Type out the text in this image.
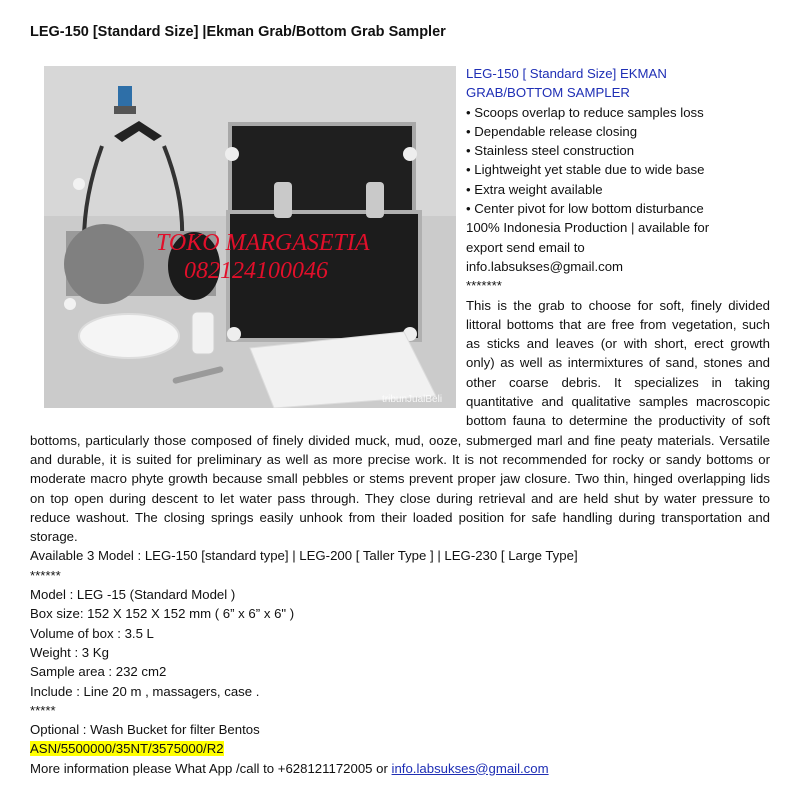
LEG-150 [Standard Size] |Ekman Grab/Bottom Grab Sampler
TOKO MARGASETIA
082124100046
tribunJualBeli

LEG-150 [ Standard Size] EKMAN

GRAB/BOTTOM SAMPLER

• Scoops overlap to reduce samples loss

• Dependable release closing

• Stainless steel construction

• Lightweight yet stable due to wide base

• Extra weight available

• Center pivot for low bottom disturbance

100% Indonesia Production | available for

export send email to

info.labsukses@gmail.com

*******

This is the grab to choose for soft, finely divided littoral bottoms that are free from vegetation, such as sticks and leaves (or with short, erect growth only) as well as intermixtures of sand, stones and other coarse debris. It specializes in taking quantitative and qualitative samples macroscopic bottom fauna to determine the productivity of soft bottoms, particularly those composed of finely divided muck, mud, ooze, submerged marl and fine peaty materials. Versatile and durable, it is suited for preliminary as well as more precise work. It is not recommended for rocky or sandy bottoms or moderate macro phyte growth because small pebbles or stems prevent proper jaw closure. Two thin, hinged overlapping lids on top open during descent to let water pass through. They close during retrieval and are held shut by water pressure to reduce washout. The closing springs easily unhook from their loaded position for safe handling during transportation and storage.

Available 3 Model : LEG-150 [standard type] | LEG-200 [ Taller Type ] | LEG-230 [ Large Type]

******

Model : LEG -15 (Standard Model )

Box size: 152 X 152 X 152 mm ( 6” x 6” x 6" )

Volume of box : 3.5 L

Weight : 3 Kg

Sample area : 232 cm2

Include : Line 20 m , massagers, case .

*****

Optional : Wash Bucket for filter Bentos

ASN/5500000/35NT/3575000/R2

More information please What App /call to +628121172005 or info.labsukses@gmail.com
